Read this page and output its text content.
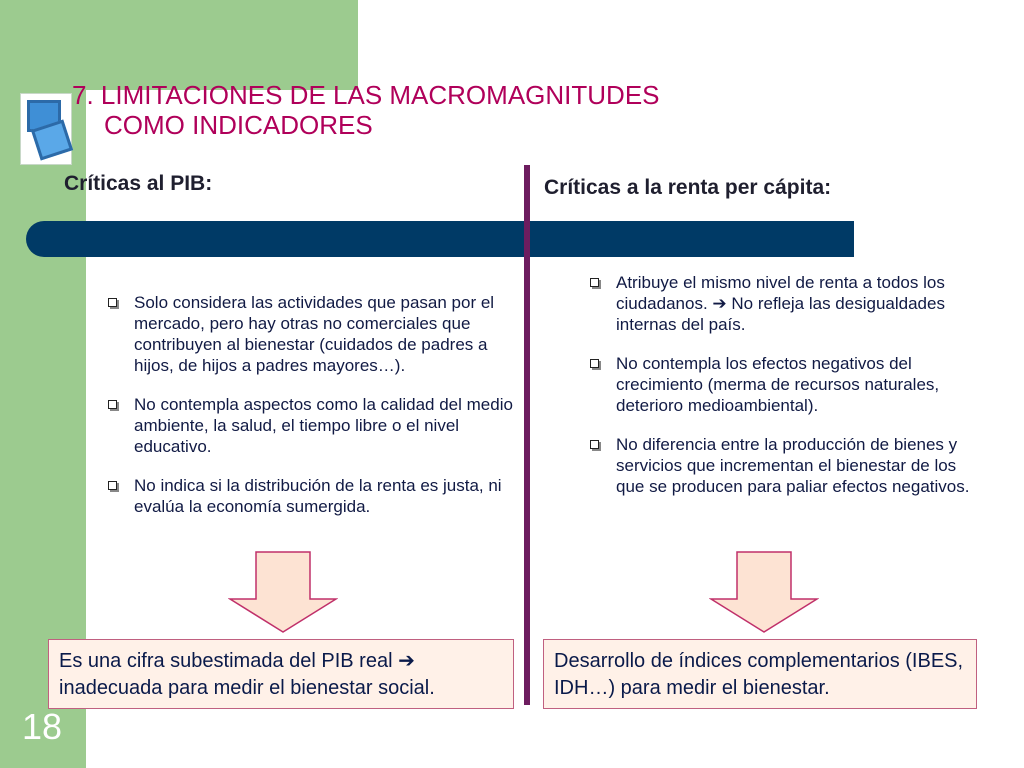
7. LIMITACIONES DE LAS MACROMAGNITUDES
COMO INDICADORES
Críticas al PIB:	Críticas a la renta per cápita:
Solo considera las actividades que pasan por el mercado, pero hay otras no comerciales que contribuyen al bienestar (cuidados de padres a hijos, de hijos a padres mayores…).
No contempla aspectos como la calidad del medio ambiente, la salud, el tiempo libre o el nivel educativo.
No indica si la distribución de la renta es justa, ni evalúa la economía sumergida.
Atribuye el mismo nivel de renta a todos los ciudadanos. ➔ No refleja las desigualdades internas del país.
No contempla los efectos negativos del crecimiento (merma de recursos naturales, deterioro medioambiental).
No diferencia entre la producción de bienes y servicios que incrementan el bienestar de los que se producen para paliar efectos negativos.
Es una cifra subestimada del PIB real ➔ inadecuada para medir el bienestar social.
Desarrollo de índices complementarios (IBES, IDH…) para medir el bienestar.
18
